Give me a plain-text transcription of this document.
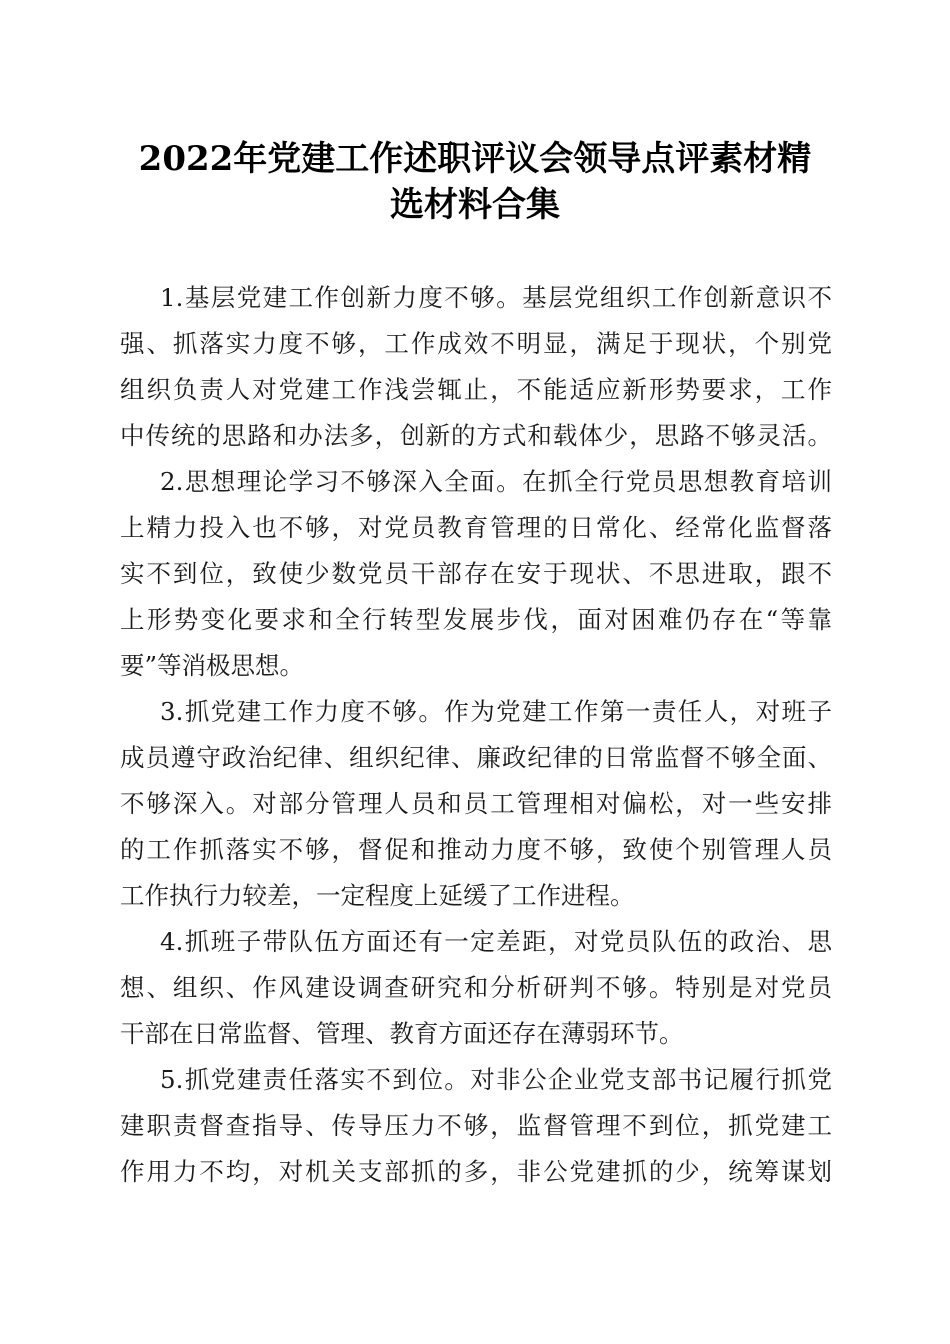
2022年党建工作述职评议会领导点评素材精
选材料合集

1.基层党建工作创新力度不够。基层党组织工作创新意识不
强、抓落实力度不够，工作成效不明显，满足于现状，个别党
组织负责人对党建工作浅尝辄止，不能适应新形势要求，工作
中传统的思路和办法多，创新的方式和载体少，思路不够灵活。

2.思想理论学习不够深入全面。在抓全行党员思想教育培训
上精力投入也不够，对党员教育管理的日常化、经常化监督落
实不到位，致使少数党员干部存在安于现状、不思进取，跟不
上形势变化要求和全行转型发展步伐，面对困难仍存在“等靠
要”等消极思想。

3.抓党建工作力度不够。作为党建工作第一责任人，对班子
成员遵守政治纪律、组织纪律、廉政纪律的日常监督不够全面、
不够深入。对部分管理人员和员工管理相对偏松，对一些安排
的工作抓落实不够，督促和推动力度不够，致使个别管理人员
工作执行力较差，一定程度上延缓了工作进程。

4.抓班子带队伍方面还有一定差距，对党员队伍的政治、思
想、组织、作风建设调查研究和分析研判不够。特别是对党员
干部在日常监督、管理、教育方面还存在薄弱环节。

5.抓党建责任落实不到位。对非公企业党支部书记履行抓党
建职责督查指导、传导压力不够，监督管理不到位，抓党建工
作用力不均，对机关支部抓的多，非公党建抓的少，统筹谋划
